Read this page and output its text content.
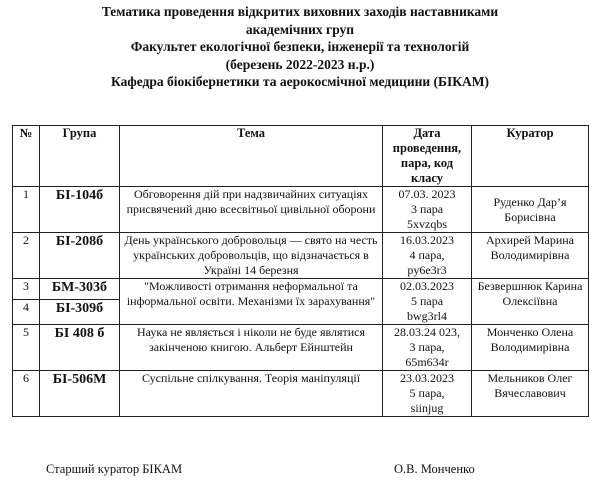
Тематика проведення відкритих виховних заходів наставниками
академічних груп
Факультет екологічної безпеки, інженерії та технологій
(березень 2022-2023 н.р.)
Кафедра біокібернетики та аерокосмічної медицини (БІКАМ)
№	Група	Тема	Дата проведення, пара, код класу	Куратор
1	БІ-104б	Обговорення дій при надзвичайних ситуаціях присвячений дню всесвітньої цивільної оборони	07.03. 2023
3 пара
5xvzqbs	Руденко Дар’я Борисівна
2	БІ-208б	День українського добровольця — свято на честь українських добровольців, що відзначається в Україні 14 березня	16.03.2023
4 пара,
py6e3r3	Архирей Марина Володимирівна
3	БМ-303б	"Можливості отримання неформальної та інформальної освіти. Механізми їх зарахування"	02.03.2023
5 пара
bwg3rl4	Безвершнюк Карина Олексіївна
4	БІ-309б			
5	БІ 408 б	Наука не являється і ніколи не буде являтися закінченою книгою. Альберт Ейнштейн	28.03.24 023,
3 пара,
65m634r	Монченко Олена Володимирівна
6	БІ-506М	Суспільне спілкування. Теорія маніпуляції	23.03.2023
5 пара,
siinjug	Мельников Олег Вячеславович
Старший куратор БІКАМ	О.В. Монченко
